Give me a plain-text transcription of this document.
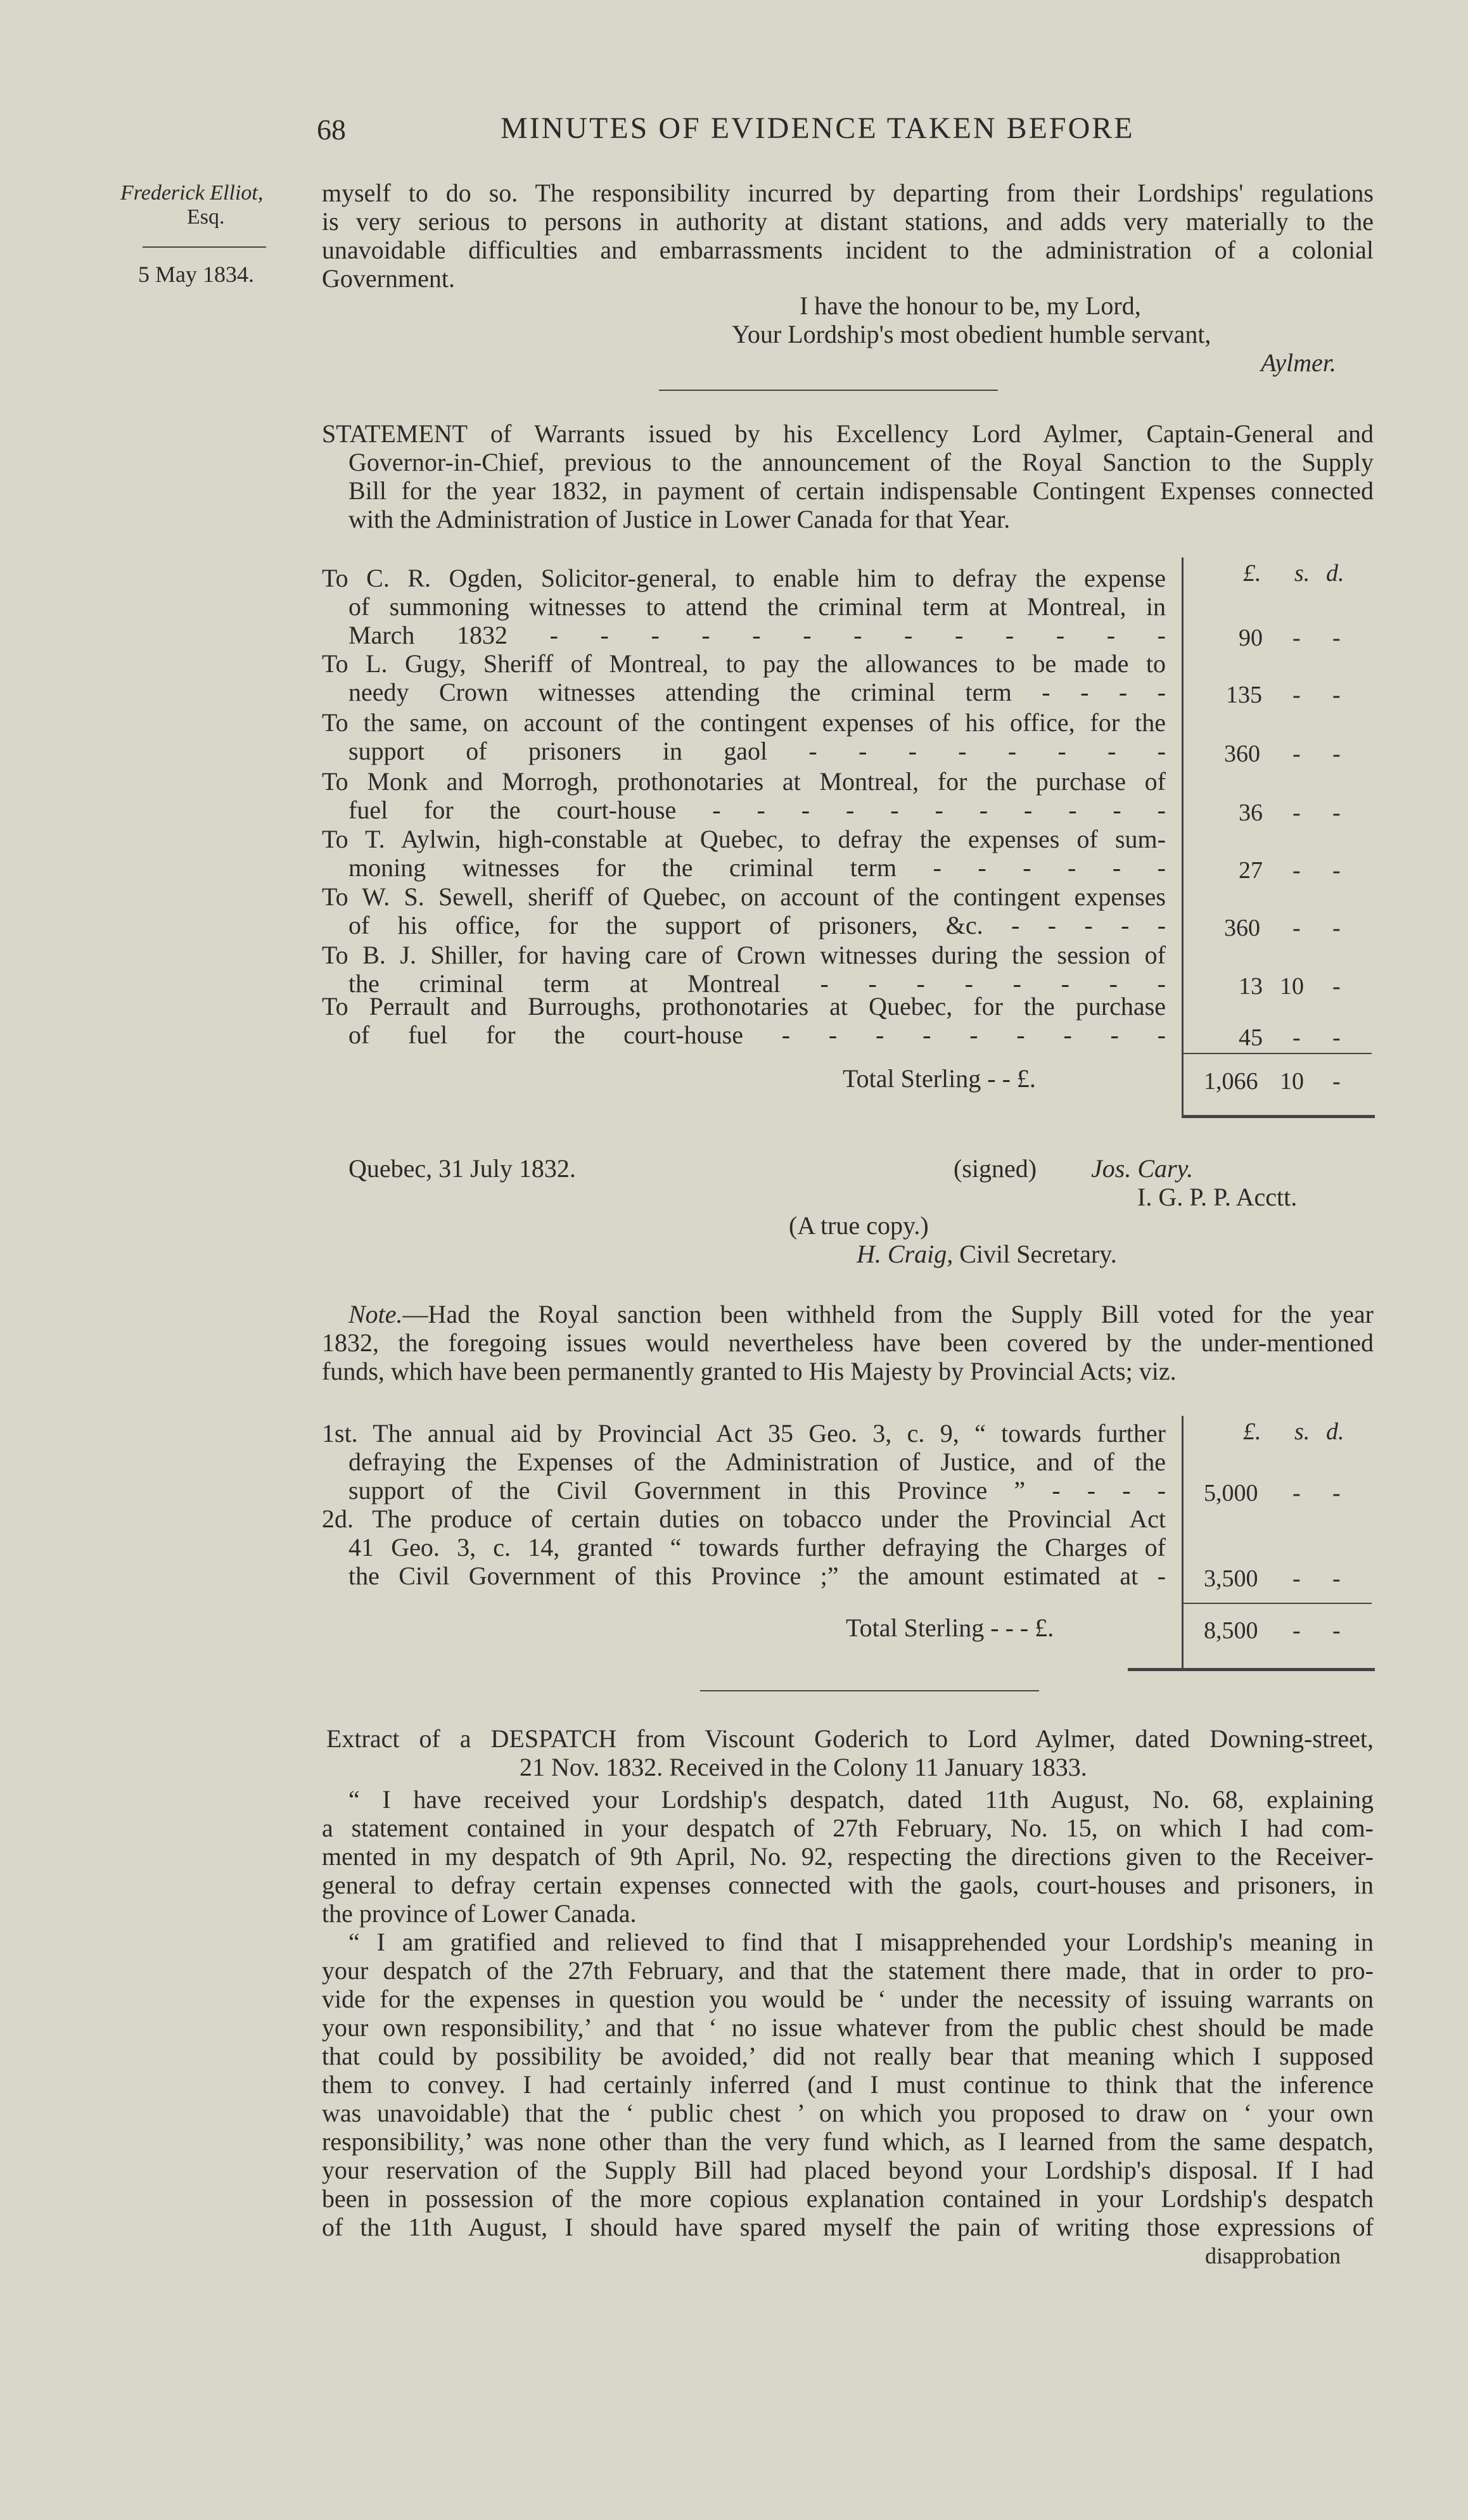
68	MINUTES OF EVIDENCE TAKEN BEFORE
Frederick Elliot,
Esq.
5 May 1834.
myself to do so. The responsibility incurred by departing from their Lordships' regulations
is very serious to persons in authority at distant stations, and adds very materially to the
unavoidable difficulties and embarrassments incident to the administration of a colonial
Government.
I have the honour to be, my Lord,
Your Lordship's most obedient humble servant,
Aylmer.
STATEMENT of Warrants issued by his Excellency Lord Aylmer, Captain-General and
Governor-in-Chief, previous to the announcement of the Royal Sanction to the Supply
Bill for the year 1832, in payment of certain indispensable Contingent Expenses connected
with the Administration of Justice in Lower Canada for that Year.
£. s. d.
To C. R. Ogden, Solicitor-general, to enable him to defray the expense
of summoning witnesses to attend the criminal term at Montreal, in
March 1832 - - - - - - - - - - - - -	90 - -
To L. Gugy, Sheriff of Montreal, to pay the allowances to be made to
needy Crown witnesses attending the criminal term - - - -	135 - -
To the same, on account of the contingent expenses of his office, for the
support of prisoners in gaol - - - - - - - - 360 - -
To Monk and Morrogh, prothonotaries at Montreal, for the purchase of
fuel for the court-house - - - - - - - - - - -	36 - -
To T. Aylwin, high-constable at Quebec, to defray the expenses of sum-
moning witnesses for the criminal term - - - - - -	27 - -
To W. S. Sewell, sheriff of Quebec, on account of the contingent expenses
of his office, for the support of prisoners, &c. - - - - - 360 - -
To B. J. Shiller, for having care of Crown witnesses during the session of
the criminal term at Montreal - - - - - - - -	13 10 -
To Perrault and Burroughs, prothonotaries at Quebec, for the purchase
of fuel for the court-house - - - - - - - - -	45 - -
Total Sterling - - £.	1,066 10 -
Quebec, 31 July 1832.	(signed) Jos. Cary.
I. G. P. P. Acctt.
(A true copy.)
H. Craig, Civil Secretary.
Note.—Had the Royal sanction been withheld from the Supply Bill voted for the year
1832, the foregoing issues would nevertheless have been covered by the under-mentioned
funds, which have been permanently granted to His Majesty by Provincial Acts; viz.
£. s. d.
1st. The annual aid by Provincial Act 35 Geo. 3, c. 9, “ towards further
defraying the Expenses of the Administration of Justice, and of the
support of the Civil Government in this Province ” - - - - 5,000 - -
2d. The produce of certain duties on tobacco under the Provincial Act
41 Geo. 3, c. 14, granted “ towards further defraying the Charges of
the Civil Government of this Province ;” the amount estimated at - 3,500 - -
Total Sterling - - - £.	8,500 - -
Extract of a DESPATCH from Viscount Goderich to Lord Aylmer, dated Downing-street,
21 Nov. 1832. Received in the Colony 11 January 1833.
“ I have received your Lordship's despatch, dated 11th August, No. 68, explaining
a statement contained in your despatch of 27th February, No. 15, on which I had com-
mented in my despatch of 9th April, No. 92, respecting the directions given to the Receiver-
general to defray certain expenses connected with the gaols, court-houses and prisoners, in
the province of Lower Canada.
“ I am gratified and relieved to find that I misapprehended your Lordship's meaning in
your despatch of the 27th February, and that the statement there made, that in order to pro-
vide for the expenses in question you would be ‘ under the necessity of issuing warrants on
your own responsibility,’ and that ‘ no issue whatever from the public chest should be made
that could by possibility be avoided,’ did not really bear that meaning which I supposed
them to convey. I had certainly inferred (and I must continue to think that the inference
was unavoidable) that the ‘ public chest ’ on which you proposed to draw on ‘ your own
responsibility,’ was none other than the very fund which, as I learned from the same despatch,
your reservation of the Supply Bill had placed beyond your Lordship's disposal. If I had
been in possession of the more copious explanation contained in your Lordship's despatch
of the 11th August, I should have spared myself the pain of writing those expressions of
disapprobation
